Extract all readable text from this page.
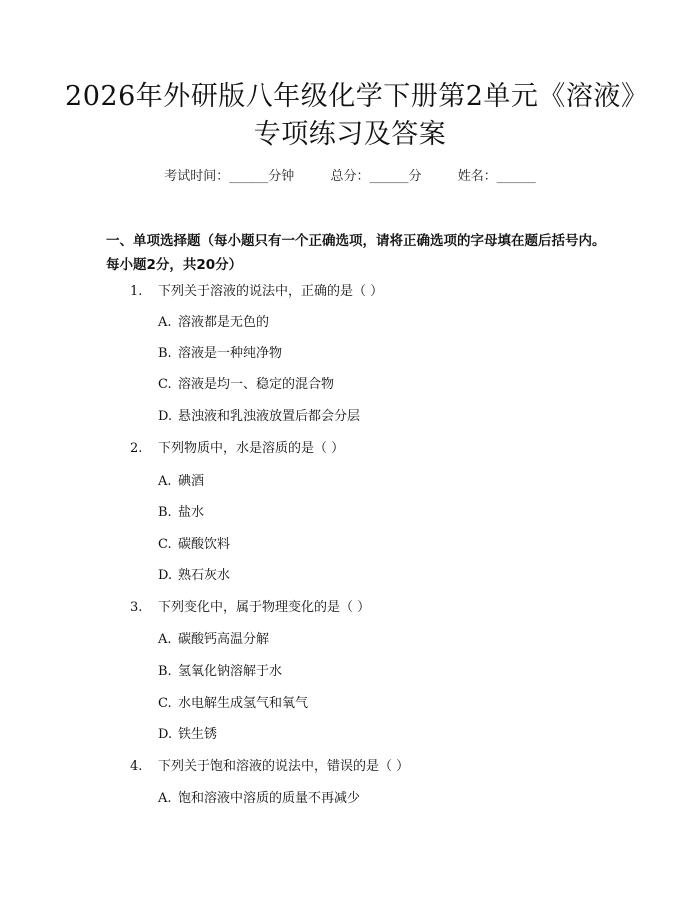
2026年外研版八年级化学下册第2单元《溶液》专项练习及答案
考试时间：______分钟	总分：______分	姓名：______
一、单项选择题（每小题只有一个正确选项，请将正确选项的字母填在题后括号内。每小题2分，共20分）
1. 下列关于溶液的说法中，正确的是（ ）
A. 溶液都是无色的
B. 溶液是一种纯净物
C. 溶液是均一、稳定的混合物
D. 悬浊液和乳浊液放置后都会分层
2. 下列物质中，水是溶质的是（ ）
A. 碘酒
B. 盐水
C. 碳酸饮料
D. 熟石灰水
3. 下列变化中，属于物理变化的是（ ）
A. 碳酸钙高温分解
B. 氢氧化钠溶解于水
C. 水电解生成氢气和氧气
D. 铁生锈
4. 下列关于饱和溶液的说法中，错误的是（ ）
A. 饱和溶液中溶质的质量不再减少
